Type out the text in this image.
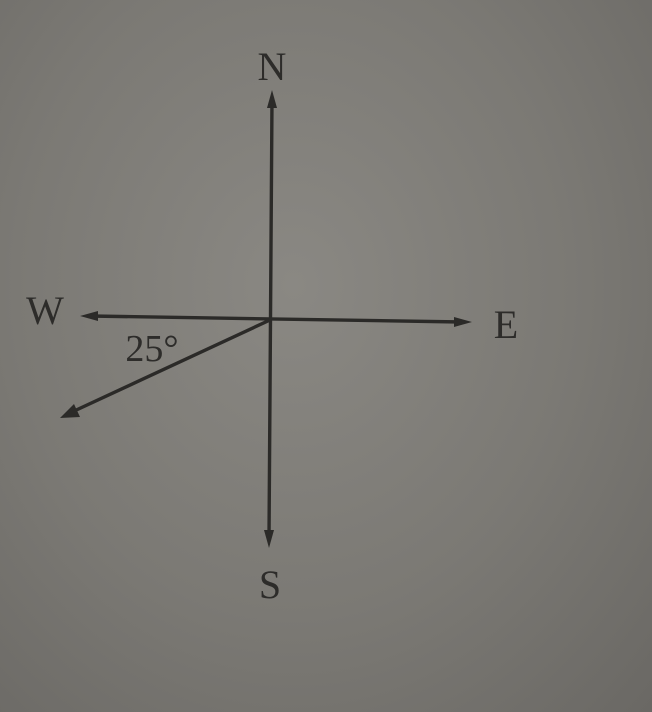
N
S
E
W
25°
